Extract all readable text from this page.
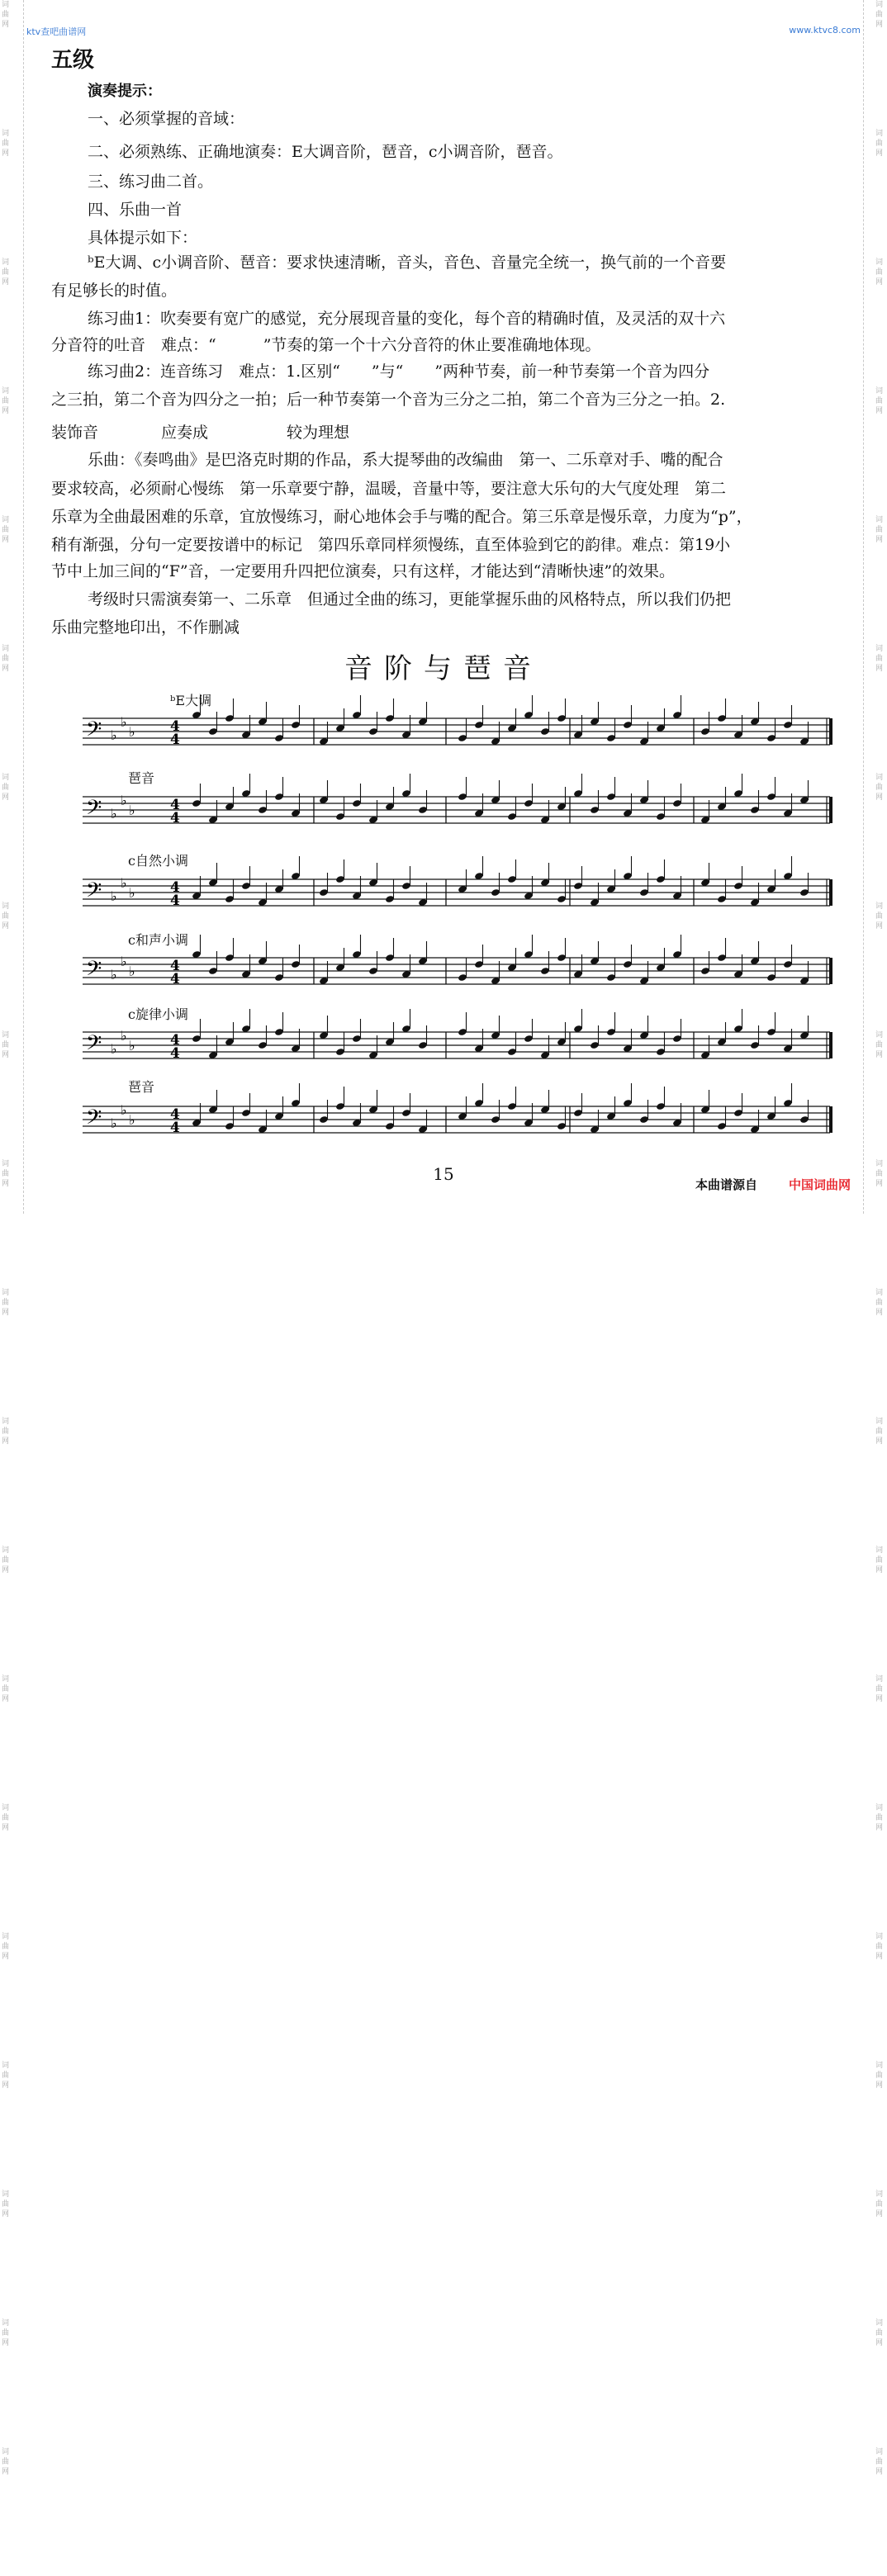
词
曲
网

词
曲
网

词
曲
网

词
曲
网

词
曲
网

词
曲
网

词
曲
网

词
曲
网

词
曲
网

词
曲
网

词
曲
网

词
曲
网

词
曲
网

词
曲
网

词
曲
网

词
曲
网

词
曲
网

词
曲
网

词
曲
网

词
曲
网

词
曲
网

词
曲
网

词
曲
网

词
曲
网

词
曲
网

词
曲
网

词
曲
网

词
曲
网

词
曲
网

词
曲
网

词
曲
网

词
曲
网

词
曲
网

词
曲
网

词
曲
网

词
曲
网

词
曲
网

词
曲
网

词
曲
网

词
曲
网

ktv查吧曲谱网	www.ktvc8.com
五级
演奏提示：
一、必须掌握的音域：
二、必须熟练、正确地演奏：E大调音阶，琶音，c小调音阶，琶音。
三、练习曲二首。
四、乐曲一首
具体提示如下：
ᵇE大调、c小调音阶、琶音：要求快速清晰，音头，音色、音量完全统一，换气前的一个音要
有足够长的时值。
练习曲1：吹奏要有宽广的感觉，充分展现音量的变化，每个音的精确时值，及灵活的双十六
分音符的吐音　难点：“　　　”节奏的第一个十六分音符的休止要准确地体现。
练习曲2：连音练习　难点：1.区别“　　”与“　　”两种节奏，前一种节奏第一个音为四分
之三拍，第二个音为四分之一拍；后一种节奏第一个音为三分之二拍，第二个音为三分之一拍。2.
装饰音　　　　应奏成　　　　　较为理想
乐曲：《奏鸣曲》是巴洛克时期的作品，系大提琴曲的改编曲　第一、二乐章对手、嘴的配合
要求较高，必须耐心慢练　第一乐章要宁静，温暖，音量中等，要注意大乐句的大气度处理　第二
乐章为全曲最困难的乐章，宜放慢练习，耐心地体会手与嘴的配合。第三乐章是慢乐章，力度为“p”，
稍有渐强，分句一定要按谱中的标记　第四乐章同样须慢练，直至体验到它的韵律。难点：第19小
节中上加三间的“F”音，一定要用升四把位演奏，只有这样，才能达到“清晰快速”的效果。
考级时只需演奏第一、二乐章　但通过全曲的练习，更能掌握乐曲的风格特点，所以我们仍把
乐曲完整地印出，不作删减
音阶与琶音
ᵇE大调
琶音
c自然小调
c和声小调
c旋律小调
琶音
𝄢 ♭
♭
♭
4
4
𝄢 ♭
♭
♭
4
4
𝄢 ♭
♭
♭
4
4
𝄢 ♭
♭
♭
4
4
𝄢 ♭
♭
♭
4
4
𝄢 ♭
♭
♭
4
4
15
本曲谱源自	中国词曲网
